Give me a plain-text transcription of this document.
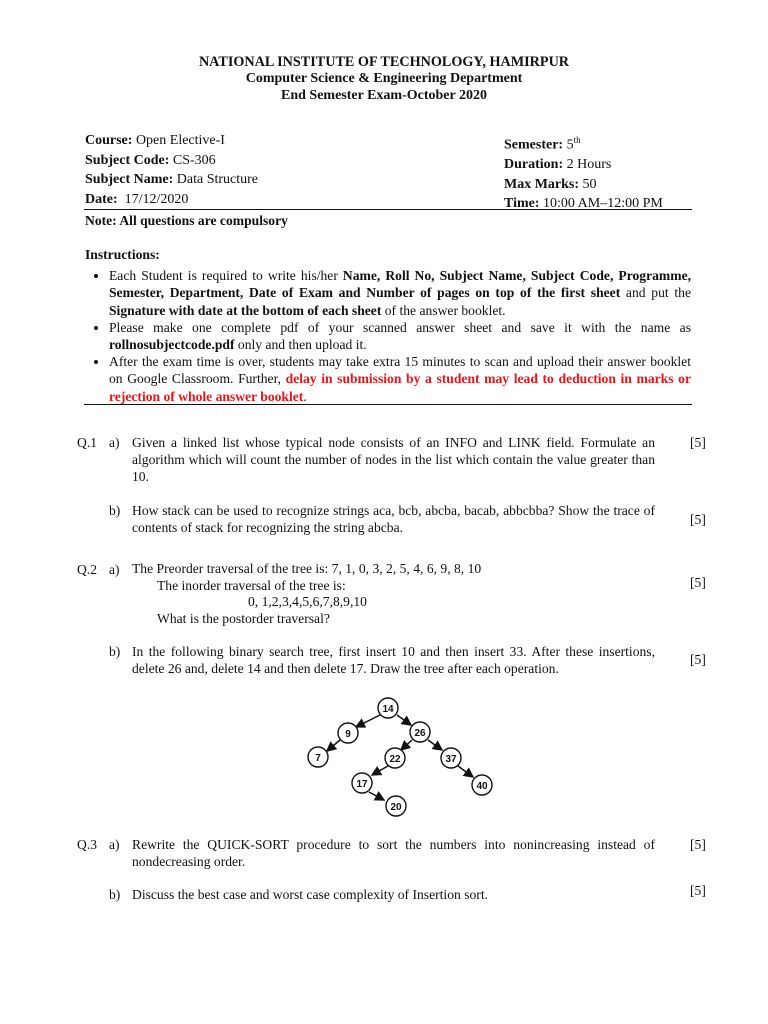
NATIONAL INSTITUTE OF TECHNOLOGY, HAMIRPUR
Computer Science & Engineering Department
End Semester Exam-October 2020
Course: Open Elective-I
Subject Code: CS-306
Subject Name: Data Structure
Date: 17/12/2020
Semester: 5th
Duration: 2 Hours
Max Marks: 50
Time: 10:00 AM–12:00 PM
Note: All questions are compulsory
Instructions:
• Each Student is required to write his/her Name, Roll No, Subject Name, Subject Code, Programme, Semester, Department, Date of Exam and Number of pages on top of the first sheet and put the Signature with date at the bottom of each sheet of the answer booklet.
• Please make one complete pdf of your scanned answer sheet and save it with the name as rollnosubjectcode.pdf only and then upload it.
• After the exam time is over, students may take extra 15 minutes to scan and upload their answer booklet on Google Classroom. Further, delay in submission by a student may lead to deduction in marks or rejection of whole answer booklet.
Q.1 a) Given a linked list whose typical node consists of an INFO and LINK field. Formulate an algorithm which will count the number of nodes in the list which contain the value greater than 10.
[5]
b) How stack can be used to recognize strings aca, bcb, abcba, bacab, abbcbba? Show the trace of contents of stack for recognizing the string abcba.
[5]
Q.2 a) The Preorder traversal of the tree is: 7, 1, 0, 3, 2, 5, 4, 6, 9, 8, 10
The inorder traversal of the tree is:
0, 1,2,3,4,5,6,7,8,9,10
What is the postorder traversal?
[5]
b) In the following binary search tree, first insert 10 and then insert 33. After these insertions, delete 26 and, delete 14 and then delete 17. Draw the tree after each operation.
[5]
14
9	26
7	22	37
17	40
20
Q.3 a) Rewrite the QUICK-SORT procedure to sort the numbers into nonincreasing instead of nondecreasing order.
[5]
b) Discuss the best case and worst case complexity of Insertion sort.	[5]
